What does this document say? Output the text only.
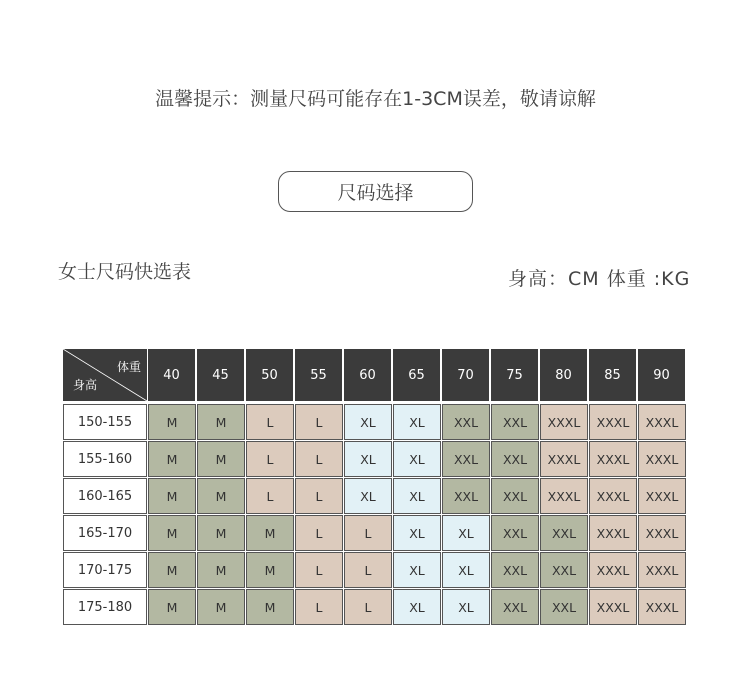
温馨提示：测量尺码可能存在1-3CM误差，敬请谅解
尺码选择
女士尺码快选表	身高：CM 体重 :KG
体重
身高
40	45	50	55	60	65	70	75	80	85	90
150-155	M	M	L	L	XL	XL	XXL	XXL	XXXL	XXXL	XXXL
155-160	M	M	L	L	XL	XL	XXL	XXL	XXXL	XXXL	XXXL
160-165	M	M	L	L	XL	XL	XXL	XXL	XXXL	XXXL	XXXL
165-170	M	M	M	L	L	XL	XL	XXL	XXL	XXXL	XXXL
170-175	M	M	M	L	L	XL	XL	XXL	XXL	XXXL	XXXL
175-180	M	M	M	L	L	XL	XL	XXL	XXL	XXXL	XXXL
